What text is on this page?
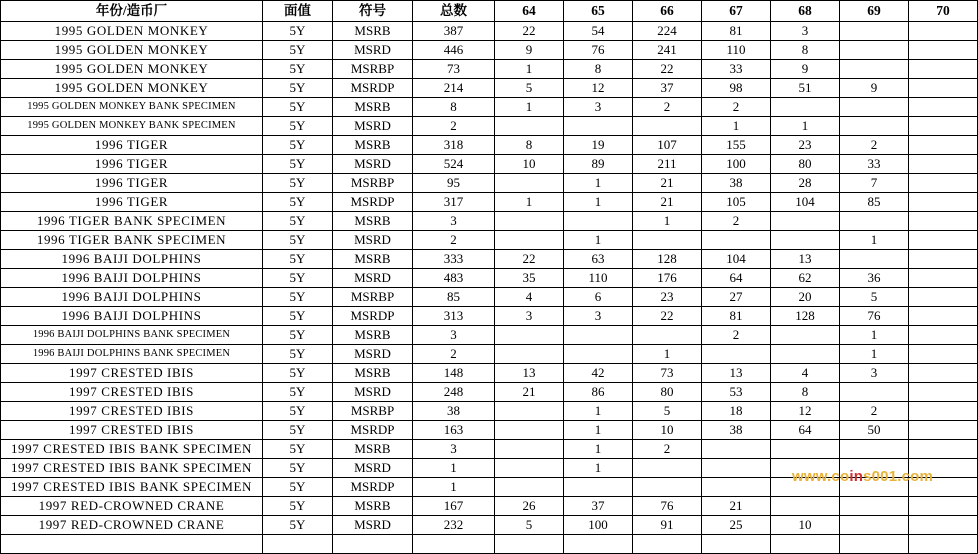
年份/造币厂	面值	符号	总数	64	65	66	67	68	69	70
1995 GOLDEN MONKEY	5Y	MSRB	387	22	54	224	81	3		
1995 GOLDEN MONKEY	5Y	MSRD	446	9	76	241	110	8		
1995 GOLDEN MONKEY	5Y	MSRBP	73	1	8	22	33	9		
1995 GOLDEN MONKEY	5Y	MSRDP	214	5	12	37	98	51	9	
1995 GOLDEN MONKEY BANK SPECIMEN	5Y	MSRB	8	1	3	2	2			
1995 GOLDEN MONKEY BANK SPECIMEN	5Y	MSRD	2				1	1		
1996 TIGER	5Y	MSRB	318	8	19	107	155	23	2	
1996 TIGER	5Y	MSRD	524	10	89	211	100	80	33	
1996 TIGER	5Y	MSRBP	95		1	21	38	28	7	
1996 TIGER	5Y	MSRDP	317	1	1	21	105	104	85	
1996 TIGER BANK SPECIMEN	5Y	MSRB	3			1	2			
1996 TIGER BANK SPECIMEN	5Y	MSRD	2		1				1	
1996 BAIJI DOLPHINS	5Y	MSRB	333	22	63	128	104	13		
1996 BAIJI DOLPHINS	5Y	MSRD	483	35	110	176	64	62	36	
1996 BAIJI DOLPHINS	5Y	MSRBP	85	4	6	23	27	20	5	
1996 BAIJI DOLPHINS	5Y	MSRDP	313	3	3	22	81	128	76	
1996 BAIJI DOLPHINS BANK SPECIMEN	5Y	MSRB	3				2		1	
1996 BAIJI DOLPHINS BANK SPECIMEN	5Y	MSRD	2			1			1	
1997 CRESTED IBIS	5Y	MSRB	148	13	42	73	13	4	3	
1997 CRESTED IBIS	5Y	MSRD	248	21	86	80	53	8		
1997 CRESTED IBIS	5Y	MSRBP	38		1	5	18	12	2	
1997 CRESTED IBIS	5Y	MSRDP	163		1	10	38	64	50	
1997 CRESTED IBIS BANK SPECIMEN	5Y	MSRB	3		1	2				
1997 CRESTED IBIS BANK SPECIMEN	5Y	MSRD	1		1					
1997 CRESTED IBIS BANK SPECIMEN	5Y	MSRDP	1							
1997 RED-CROWNED CRANE	5Y	MSRB	167	26	37	76	21			
1997 RED-CROWNED CRANE	5Y	MSRD	232	5	100	91	25	10		

www.coins001.com
